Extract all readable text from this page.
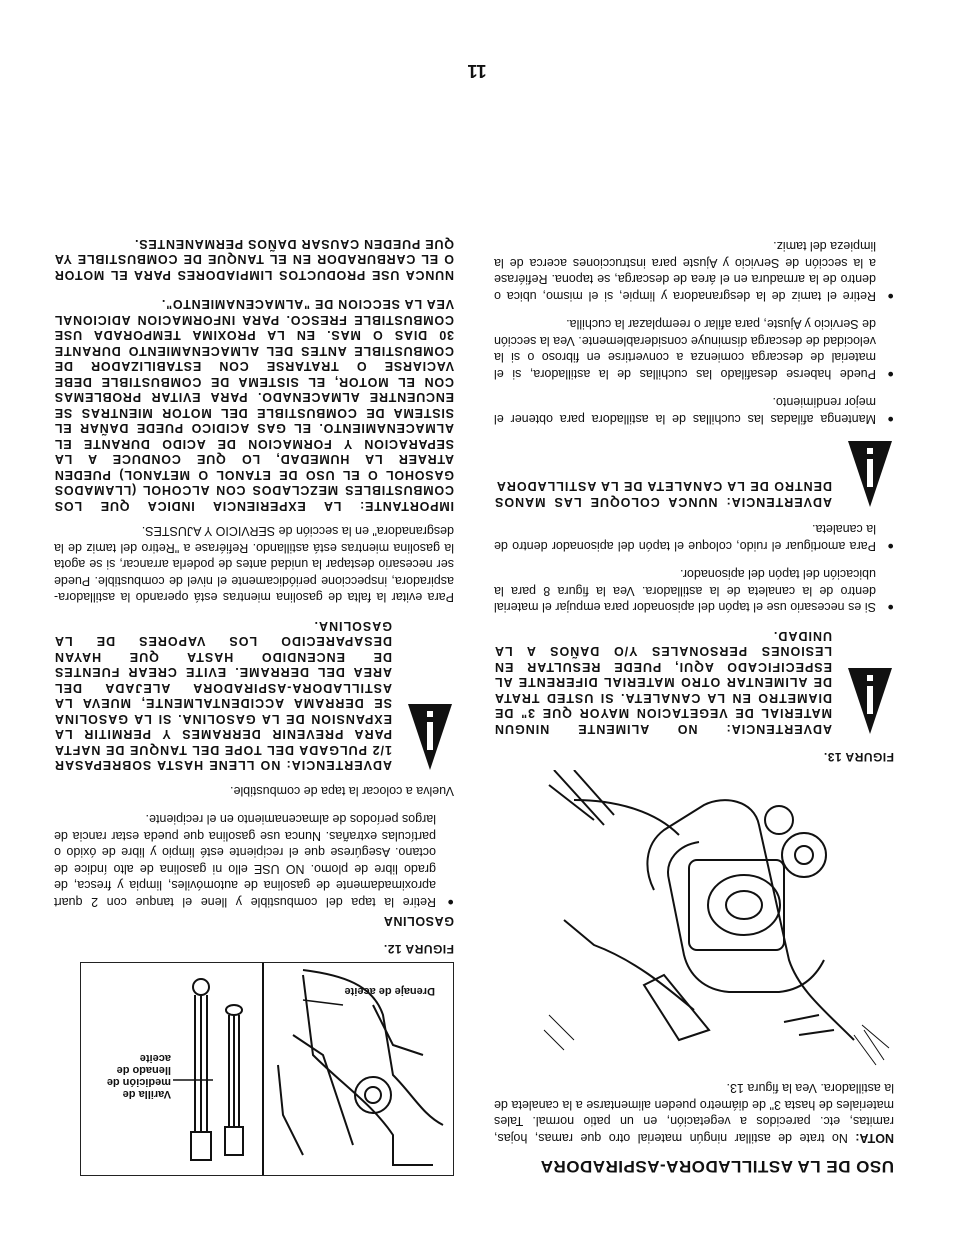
USO DE LA ASTILLADORA-ASPIRADORA

NOTA: No trate de astillar ningún material otro que ramas, hojas, ramitas, etc. parecidos a vegetación, en un patio normal. Tales materiales de hasta 3" de diámetro pueden alimentarse a la canaleta de la astilladora. Vea la figura 13.

FIGURA 13.
ADVERTENCIA: NO ALIMENTE NINGUN MATERIAL DE VEGETACION MAYOR QUE 3" DE DIAMETRO EN LA CANALETA. SI USTED TRATA DE ALIMENTAR OTRO MATERIAL DIFERENTE AL ESPECIFICADO AQUI, PUEDE RESULTAR EN LESIONES PERSONALES Y/O DAÑOS A LA UNIDAD.
● Si es necesario use el tapón del apisonador para empujar el material dentro de la canaleta de la astilladora. Vea la figura 8 para la ubicación del tapón del apisonador.
● Para amortiguar el ruido, coloque el tapón del apisonador dentro de la canaleta.
ADVERTENCIA: NUNCA COLOQUE LAS MANOS DENTRO DE LA CANALETA DE LA ASTILLADORA
● Mantenga afiladas las cuchillas de la astilladora para obtener el mejor rendimiento.
● Puede haberse desafilado las cuchillas de la astilladora, si el material de descarga comienza a convertirse en fibroso o si la velocidad de descarga disminuye considerablemente. Vea la sección de Servicio y Ajuste, para afilar o reemplazar la cuchilla.
● Retire el tamiz de la desgranadora y limpie, si el mismo, ubica o dentro de la armadura en el área de descarga, se tapona. Refiérase a la sección de Servicio y Ajuste para instrucciones acerca de la limpieza del tamiz.
Drenaje de aceite
Varilla de medición de llenado de aceite
FIGURA 12.
GASOLINA
● Retire la tapa del combustible y llene el tanque con 2 quart aproximadamente de gasolina de automóviles, limpia y fresca, de grado libre de plomo. NO USE ello ni gasolina de alto índice de octano. Asegúrese que el recipiente esté limpio y libre de óxido o partículas extrañas. Nunca use gasolina que pueda estar rancia de largos períodos de almacenamiento en el recipiente.

Vuelva a colocar la tapa de combustible.

ADVERTENCIA: NO LLENE HASTA SOBREPASAR 1/2 PULGADA DEL TOPE DEL TANQUE DE NAFTA PARA PREVENIR DERRAMES Y PERMITIR LA EXPANSION DE LA GASOLINA. SI LA GASOLINA SE DERRAMA ACCIDENTALMENTE, MUEVA LA ASTILLADORA-ASPIRADORA ALEJADA DEL AREA DEL DERRAME. EVITE CREAR FUENTES DE ENCENDIDO HASTA QUE HAYAN DESAPARECIDO LOS VAPORES DE LA GASOLINA.

Para evitar la falta de gasolina mientras está operando la astilladora-aspiradora, inspeccione periódicamente el nivel de combustible. Puede ser necesario destapar la unidad antes de poderla arrancar, si se agota la gasolina mientras está astillando. Refiérase a "Retiro del tamiz de la desgranadora" en la sección de SERVICIO Y AJUSTES.

IMPORTANTE: LA EXPERIENCIA INDICA QUE LOS COMBUSTIBLES MEZCLADOS CON ALCOHOL (LLAMADOS GASOHOL O EL USO DE ETANOL O METANOL) PUEDEN ATRAER LA HUMEDAD, LO QUE CONDUCE A LA SEPARACION Y FORMACION DE ACIDO DURANTE EL ALMACENAMIENTO. EL GAS ACIDICO PUEDE DAÑAR EL SISTEMA DE COMBUSTIBLE DEL MOTOR MIENTRAS SE ENCUENTRE ALMACENADO. PARA EVITAR PROBLEMAS CON EL MOTOR, EL SISTEMA DE COMBUSTIBLE DEBE VACIARSE O TRATARSE CON ESTABILIZADOR DE COMBUSTIBLE ANTES DEL ALMACENAMIENTO DURANTE 30 DIAS O MAS. EN LA PROXIMA TEMPORADA USE COMBUSTIBLE FRESCO. PARA INFORMACION ADICIONAL VEA LA SECCION DE "ALMACENAMIENTO".
NUNCA USE PRODUCTOS LIMPIADORES PARA EL MOTOR O EL CARBURADOR EN EL TANQUE DE COMBUSTIBLE YA QUE PUEDEN CAUSAR DAÑOS PERMANENTES.
11
